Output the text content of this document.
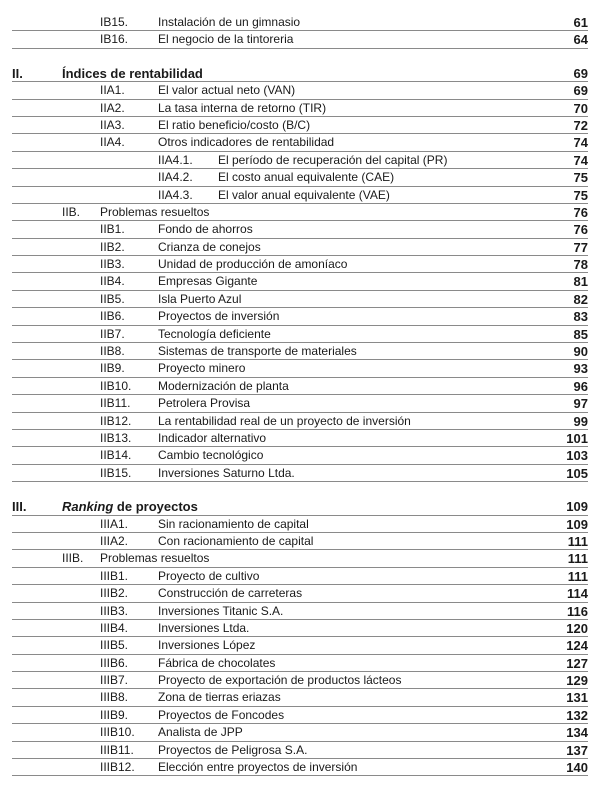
IB15. Instalación de un gimnasio	61
IB16. El negocio de la tintoreria	64
II.	Índices de rentabilidad	69
IIA1.	El valor actual neto (VAN)	69
IIA2.	La tasa interna de retorno (TIR)	70
IIA3.	El ratio beneficio/costo (B/C)	72
IIA4.	Otros indicadores de rentabilidad	74
IIA4.1. El período de recuperación del capital (PR)	74
IIA4.2. El costo anual equivalente (CAE)	75
IIA4.3. El valor anual equivalente (VAE)	75
IIB. Problemas resueltos	76
IIB1.	Fondo de ahorros	76
IIB2.	Crianza de conejos	77
IIB3.	Unidad de producción de amoníaco	78
IIB4.	Empresas Gigante	81
IIB5.	Isla Puerto Azul	82
IIB6.	Proyectos de inversión	83
IIB7.	Tecnología deficiente	85
IIB8.	Sistemas de transporte de materiales	90
IIB9.	Proyecto minero	93
IIB10. Modernización de planta	96
IIB11. Petrolera Provisa	97
IIB12. La rentabilidad real de un proyecto de inversión	99
IIB13. Indicador alternativo	101
IIB14. Cambio tecnológico	103
IIB15. Inversiones Saturno Ltda.	105
III.	Ranking de proyectos	109
IIIA1. Sin racionamiento de capital	109
IIIA2. Con racionamiento de capital	111
IIIB. Problemas resueltos	111
IIIB1. Proyecto de cultivo	111
IIIB2. Construcción de carreteras	114
IIIB3. Inversiones Titanic S.A.	116
IIIB4. Inversiones Ltda.	120
IIIB5. Inversiones López	124
IIIB6. Fábrica de chocolates	127
IIIB7. Proyecto de exportación de productos lácteos	129
IIIB8. Zona de tierras eriazas	131
IIIB9. Proyectos de Foncodes	132
IIIB10. Analista de JPP	134
IIIB11. Proyectos de Peligrosa S.A.	137
IIIB12. Elección entre proyectos de inversión	140
